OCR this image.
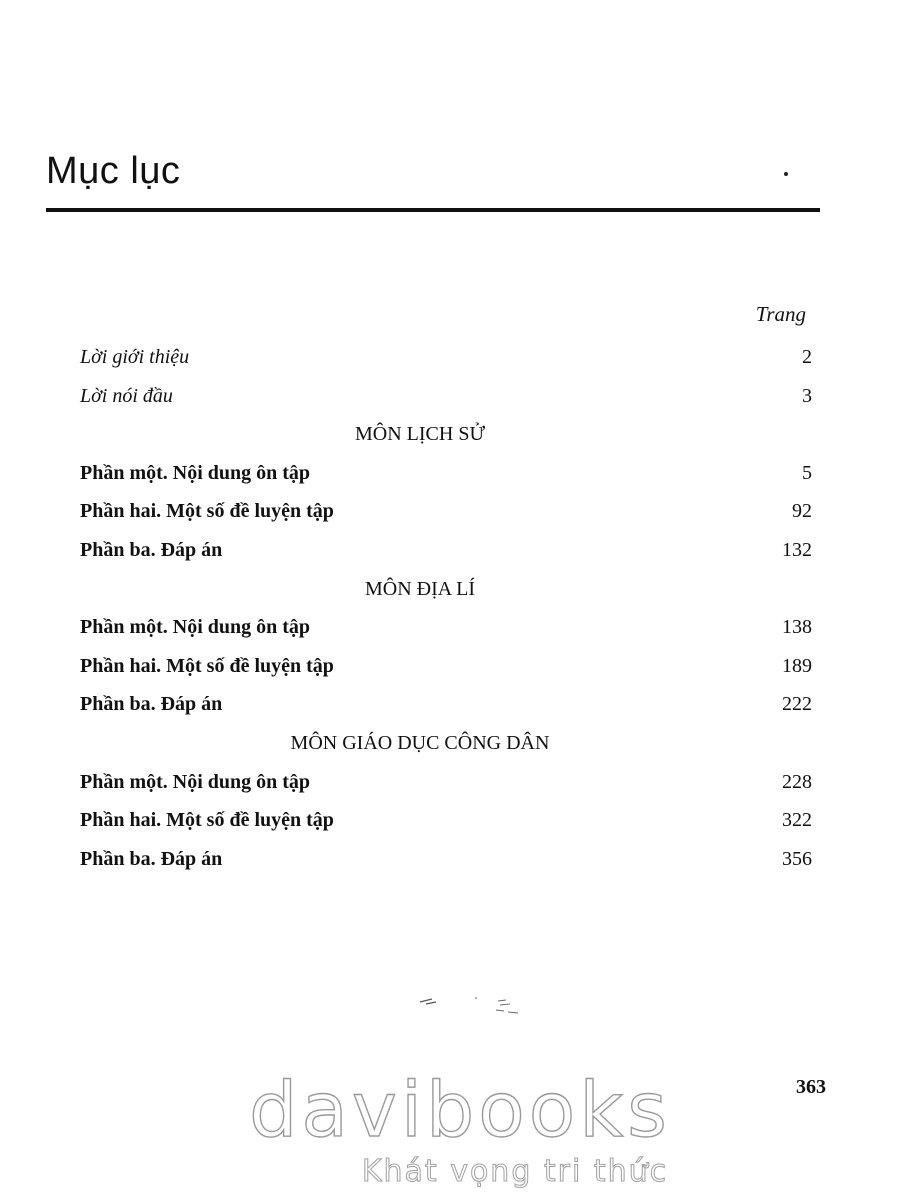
Mục lục
Trang
Lời giới thiệu	2
Lời nói đầu	3
MÔN LỊCH SỬ
Phần một. Nội dung ôn tập	5
Phần hai. Một số đề luyện tập	92
Phần ba. Đáp án	132
MÔN ĐỊA LÍ
Phần một. Nội dung ôn tập	138
Phần hai. Một số đề luyện tập	189
Phần ba. Đáp án	222
MÔN GIÁO DỤC CÔNG DÂN
Phần một. Nội dung ôn tập	228
Phần hai. Một số đề luyện tập	322
Phần ba. Đáp án	356
363
davibooks
Khát vọng tri thức
